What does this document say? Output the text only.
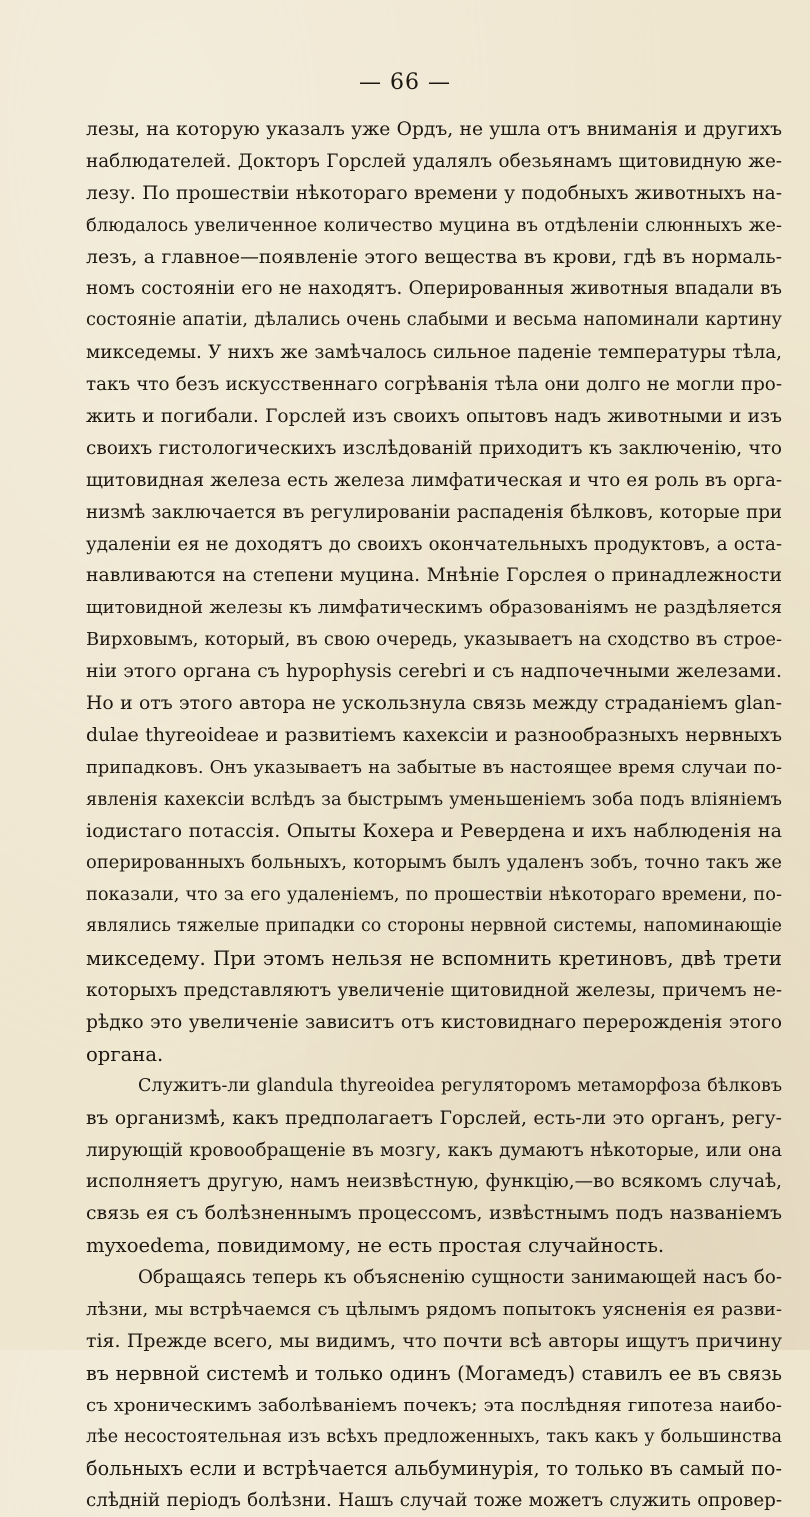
— 66 —
лезы, на которую указалъ уже Ордъ, не ушла отъ вниманія и другихъ
наблюдателей. Докторъ Горслей удалялъ обезьянамъ щитовидную же-
лезу. По прошествіи нѣкотораго времени у подобныхъ животныхъ на-
блюдалось увеличенное количество муцина въ отдѣленіи слюнныхъ же-
лезъ, а главное—появленіе этого вещества въ крови, гдѣ въ нормаль-
номъ состояніи его не находятъ. Оперированныя животныя впадали въ
состояніе апатіи, дѣлались очень слабыми и весьма напоминали картину
микседемы. У нихъ же замѣчалось сильное паденіе температуры тѣла,
такъ что безъ искусственнаго согрѣванія тѣла они долго не могли про-
жить и погибали. Горслей изъ своихъ опытовъ надъ животными и изъ
своихъ гистологическихъ изслѣдованій приходитъ къ заключенію, что
щитовидная железа есть железа лимфатическая и что ея роль въ орга-
низмѣ заключается въ регулированіи распаденія бѣлковъ, которые при
удаленіи ея не доходятъ до своихъ окончательныхъ продуктовъ, а оста-
навливаются на степени муцина. Мнѣніе Горслея о принадлежности
щитовидной железы къ лимфатическимъ образованіямъ не раздѣляется
Вирховымъ, который, въ свою очередь, указываетъ на сходство въ строе-
ніи этого органа съ hypophysis cerebri и съ надпочечными железами.
Но и отъ этого автора не ускользнула связь между страданіемъ glan-
dulae thyreoideae и развитіемъ кахексіи и разнообразныхъ нервныхъ
припадковъ. Онъ указываетъ на забытые въ настоящее время случаи по-
явленія кахексіи вслѣдъ за быстрымъ уменьшеніемъ зоба подъ вліяніемъ
іодистаго потассія. Опыты Кохера и Ревердена и ихъ наблюденія на
оперированныхъ больныхъ, которымъ былъ удаленъ зобъ, точно такъ же
показали, что за его удаленіемъ, по прошествіи нѣкотораго времени, по-
являлись тяжелые припадки со стороны нервной системы, напоминающіе
микседему. При этомъ нельзя не вспомнить кретиновъ, двѣ трети
которыхъ представляютъ увеличеніе щитовидной железы, причемъ не-
рѣдко это увеличеніе зависитъ отъ кистовиднаго перерожденія этого
органа.
Служитъ-ли glandula thyreoidea регуляторомъ метаморфоза бѣлковъ
въ организмѣ, какъ предполагаетъ Горслей, есть-ли это органъ, регу-
лирующій кровообращеніе въ мозгу, какъ думаютъ нѣкоторые, или она
исполняетъ другую, намъ неизвѣстную, функцію,—во всякомъ случаѣ,
связь ея съ болѣзненнымъ процессомъ, извѣстнымъ подъ названіемъ
myxoedema, повидимому, не есть простая случайность.
Обращаясь теперь къ объясненію сущности занимающей насъ бо-
лѣзни, мы встрѣчаемся съ цѣлымъ рядомъ попытокъ уясненія ея разви-
тія. Прежде всего, мы видимъ, что почти всѣ авторы ищутъ причину
въ нервной системѣ и только одинъ (Могамедъ) ставилъ ее въ связь
съ хроническимъ заболѣваніемъ почекъ; эта послѣдняя гипотеза наибо-
лѣе несостоятельная изъ всѣхъ предложенныхъ, такъ какъ у большинства
больныхъ если и встрѣчается альбуминурія, то только въ самый по-
слѣдній періодъ болѣзни. Нашъ случай тоже можетъ служить опровер-
